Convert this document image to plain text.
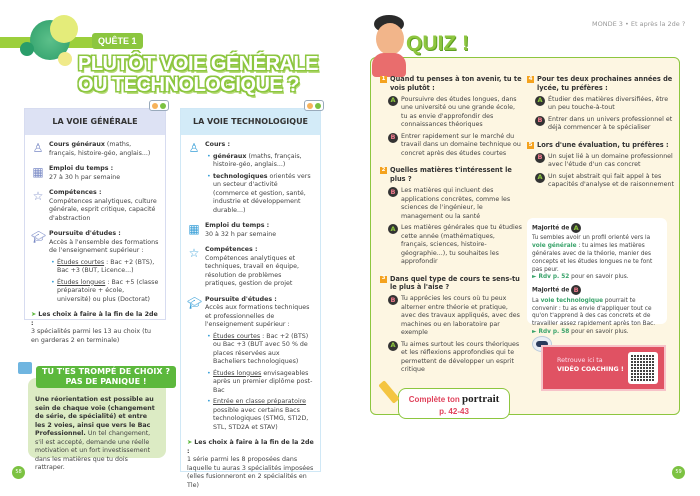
QUÊTE 1
PLUTÔT VOIE GÉNÉRALE
OU TECHNOLOGIQUE ?
LA VOIE GÉNÉRALE
♙ Cours généraux (maths, français, histoire-géo, anglais...)
▦ Emploi du temps :
27 à 30 h par semaine
☆ Compétences :
Compétences analytiques, culture générale, esprit critique, capacité d'abstraction
🎓︎ Poursuite d'études :
Accès à l'ensemble des formations de l'enseignement supérieur :
• Études courtes : Bac +2 (BTS), Bac +3 (BUT, Licence...)
• Études longues : Bac +5 (classe préparatoire + école, université) ou plus (Doctorat)
➤ Les choix à faire à la fin de la 2de :
3 spécialités parmi les 13 au choix (tu en garderas 2 en terminale)
LA VOIE TECHNOLOGIQUE
♙ Cours :
• généraux (maths, français, histoire-géo, anglais...)
• technologiques orientés vers un secteur d'activité (commerce et gestion, santé, industrie et développement durable...)
▦ Emploi du temps :
30 à 32 h par semaine
☆ Compétences :
Compétences analytiques et techniques, travail en équipe, résolution de problèmes pratiques, gestion de projet
🎓︎ Poursuite d'études :
Accès aux formations techniques et professionnelles de l'enseignement supérieur :
• Études courtes : Bac +2 (BTS) ou Bac +3 (BUT avec 50 % de places réservées aux Bacheliers technologiques)
• Études longues envisageables après un premier diplôme post-Bac
• Entrée en classe préparatoire possible avec certains Bacs technologiques (STMG, STI2D, STL, STD2A et STAV)
➤ Les choix à faire à la fin de la 2de :
1 série parmi les 8 proposées dans laquelle tu auras 3 spécialités imposées (elles fusionneront en 2 spécialités en Tle)
Une réorientation est possible au sein de chaque voie (changement de série, de spécialité) et entre les 2 voies, ainsi que vers le Bac Professionnel. Un tel changement, s'il est accepté, demande une réelle motivation et un fort investissement dans les matières que tu dois rattraper.
TU T'ES TROMPÉ DE CHOIX ?
PAS DE PANIQUE !
58
MONDE 3 • Et après la 2de ?
QUIZ !
1 Quand tu penses à ton avenir, tu te vois plutôt :
A Poursuivre des études longues, dans une université ou une grande école, tu as envie d'approfondir des connaissances théoriques
B Entrer rapidement sur le marché du travail dans un domaine technique ou concret après des études courtes
2 Quelles matières t'intéressent le plus ?
B Les matières qui incluent des applications concrètes, comme les sciences de l'ingénieur, le management ou la santé
A Les matières générales que tu étudies cette année (mathématiques, français, sciences, histoire-géographie...), tu souhaites les approfondir
3 Dans quel type de cours te sens-tu le plus à l'aise ?
B Tu apprécies les cours où tu peux alterner entre théorie et pratique, avec des travaux appliqués, avec des machines ou en laboratoire par exemple
A Tu aimes surtout les cours théoriques et les réflexions approfondies qui te permettent de développer un esprit critique
4 Pour tes deux prochaines années de lycée, tu préfères :
A Étudier des matières diversifiées, être un peu touche-à-tout
B Entrer dans un univers professionnel et déjà commencer à te spécialiser
5 Lors d'une évaluation, tu préfères :
B Un sujet lié à un domaine professionnel avec l'étude d'un cas concret
A Un sujet abstrait qui fait appel à tes capacités d'analyse et de raisonnement
Majorité de A
Tu sembles avoir un profil orienté vers la voie générale : tu aimes les matières générales avec de la théorie, manier des concepts et les études longues ne te font pas peur.
► Rdv p. 52 pour en savoir plus.
Majorité de B
La voie technologique pourrait te convenir : tu as envie d'appliquer tout ce qu'on t'apprend à des cas concrets et de travailler assez rapidement après ton Bac.
► Rdv p. 58 pour en savoir plus.
Retrouve ici ta
VIDÉO COACHING !
Complète ton portrait
p. 42-43
59
